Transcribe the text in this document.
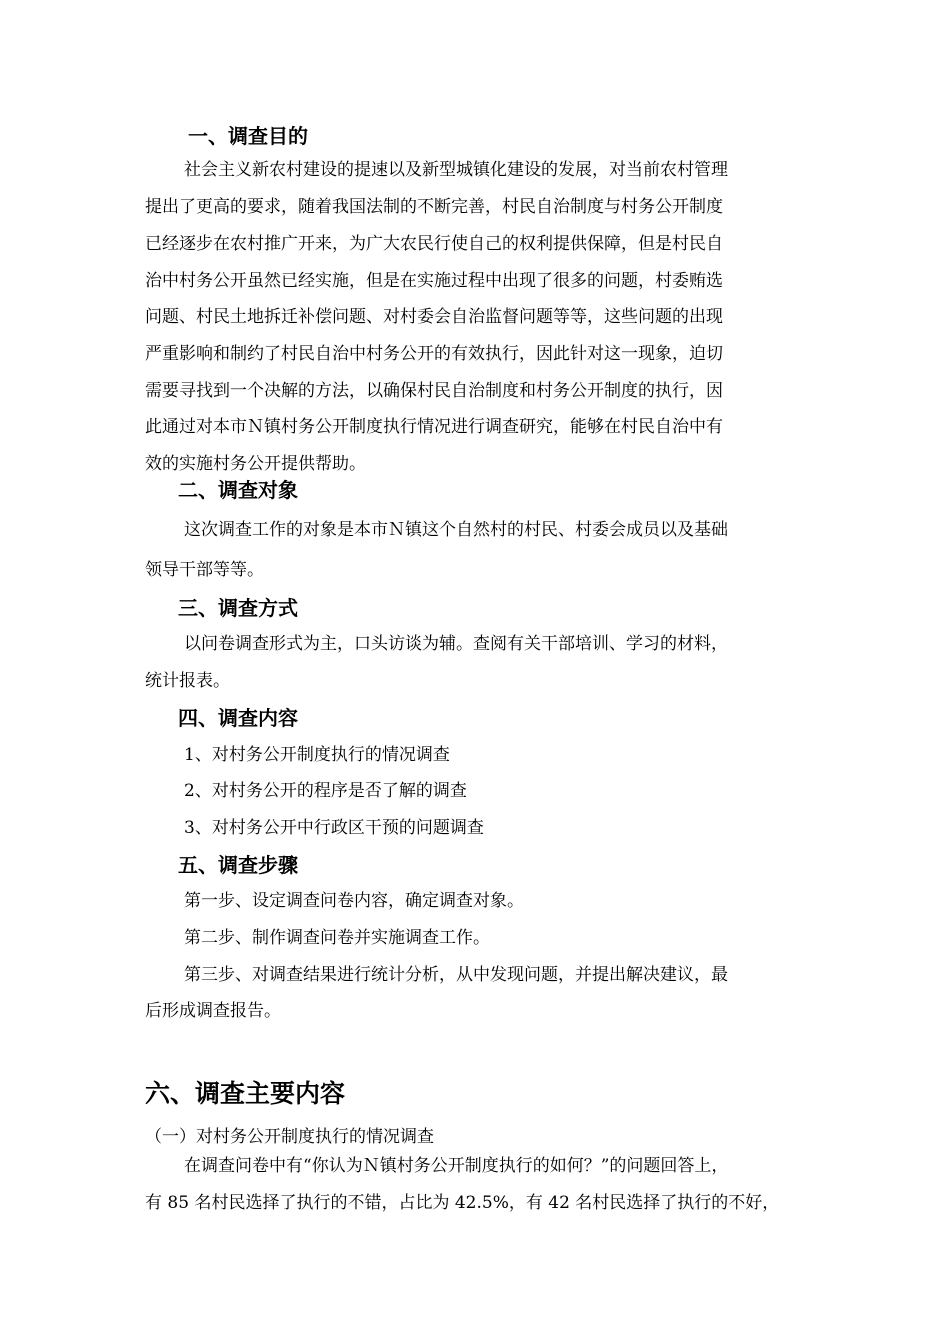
一、调查目的
社会主义新农村建设的提速以及新型城镇化建设的发展，对当前农村管理
提出了更高的要求，随着我国法制的不断完善，村民自治制度与村务公开制度
已经逐步在农村推广开来，为广大农民行使自己的权利提供保障，但是村民自
治中村务公开虽然已经实施，但是在实施过程中出现了很多的问题，村委贿选
问题、村民土地拆迁补偿问题、对村委会自治监督问题等等，这些问题的出现
严重影响和制约了村民自治中村务公开的有效执行，因此针对这一现象，迫切
需要寻找到一个决解的方法，以确保村民自治制度和村务公开制度的执行，因
此通过对本市Ｎ镇村务公开制度执行情况进行调查研究，能够在村民自治中有
效的实施村务公开提供帮助。
二、调查对象
这次调查工作的对象是本市Ｎ镇这个自然村的村民、村委会成员以及基础
领导干部等等。
三、调查方式
以问卷调查形式为主，口头访谈为辅。查阅有关干部培训、学习的材料，
统计报表。
四、调查内容
1、对村务公开制度执行的情况调查
2、对村务公开的程序是否了解的调查
3、对村务公开中行政区干预的问题调查
五、调查步骤
第一步、设定调查问卷内容，确定调查对象。
第二步、制作调查问卷并实施调查工作。
第三步、对调查结果进行统计分析，从中发现问题，并提出解决建议，最
后形成调查报告。
六、调查主要内容
（一）对村务公开制度执行的情况调查
在调查问卷中有“你认为Ｎ镇村务公开制度执行的如何？”的问题回答上，
有 85 名村民选择了执行的不错，占比为 42.5%，有 42 名村民选择了执行的不好，
